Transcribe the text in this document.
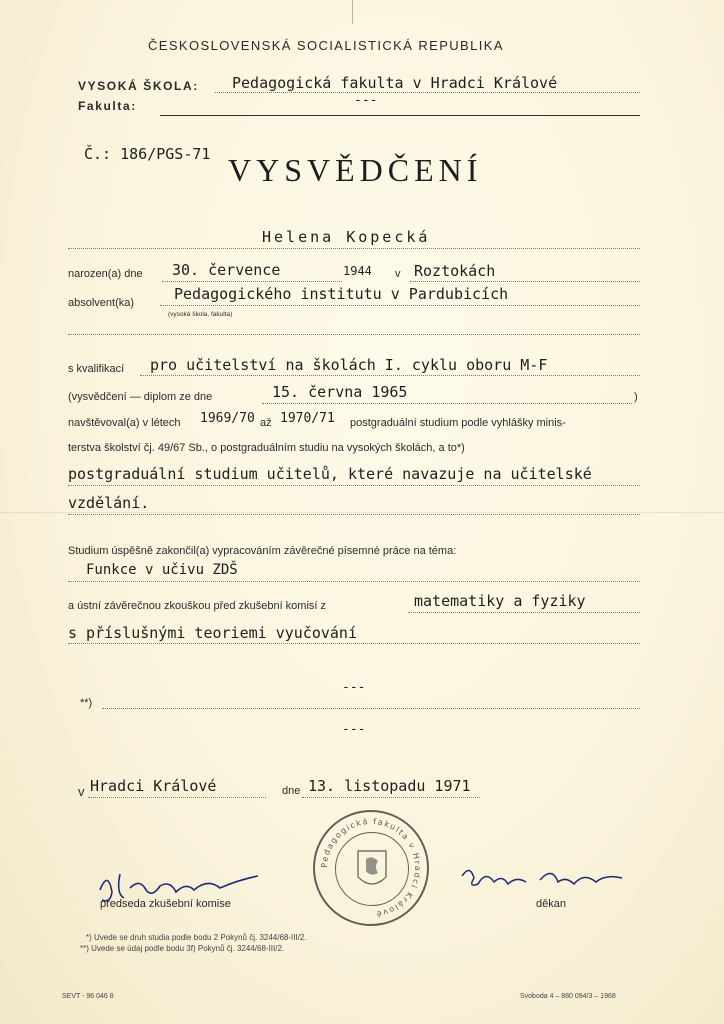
ČESKOSLOVENSKÁ SOCIALISTICKÁ REPUBLIKA
VYSOKÁ ŠKOLA: Pedagogická fakulta v Hradci Králové
Fakulta:	---
Č.: 186/PGS-71 VYSVĚDČENÍ
Helena Kopecká
narozen(a) dne 30. července	1944 v Roztokách
absolvent(ka)	Pedagogického institutu v Pardubicích
(vysoká škola, fakulta)
s kvalifikací pro učitelství na školách I. cyklu oboru M-F
(vysvědčení — diplom ze dne	15. června 1965	)
navštěvoval(a) v létech 1969/70 až 1970/71 postgraduální studium podle vyhlášky minis-
terstva školství čj. 49/67 Sb., o postgraduálním studiu na vysokých školách, a to*)
postgraduální studium učitelů, které navazuje na učitelské
vzdělání.
Studium úspěšně zakončil(a) vypracováním závěrečné písemné práce na téma:
Funkce v učivu ZDŠ
a ústní závěrečnou zkouškou před zkušební komisí z	matematiky a fyziky
s příslušnými teoriemi vyučování
---
**)
---
v Hradci Králové	dne 13. listopadu 1971
Pedagogická fakulta v Hradci Králové
předseda zkušební komise	děkan
*) Uvede se druh studia podle bodu 2 Pokynů čj. 3244/68-III/2.
**) Uvede se údaj podle bodu 3f) Pokynů čj. 3244/68-III/2.
SEVT - 96 046 8	Svoboda 4 – 880 094/3 – 1968
